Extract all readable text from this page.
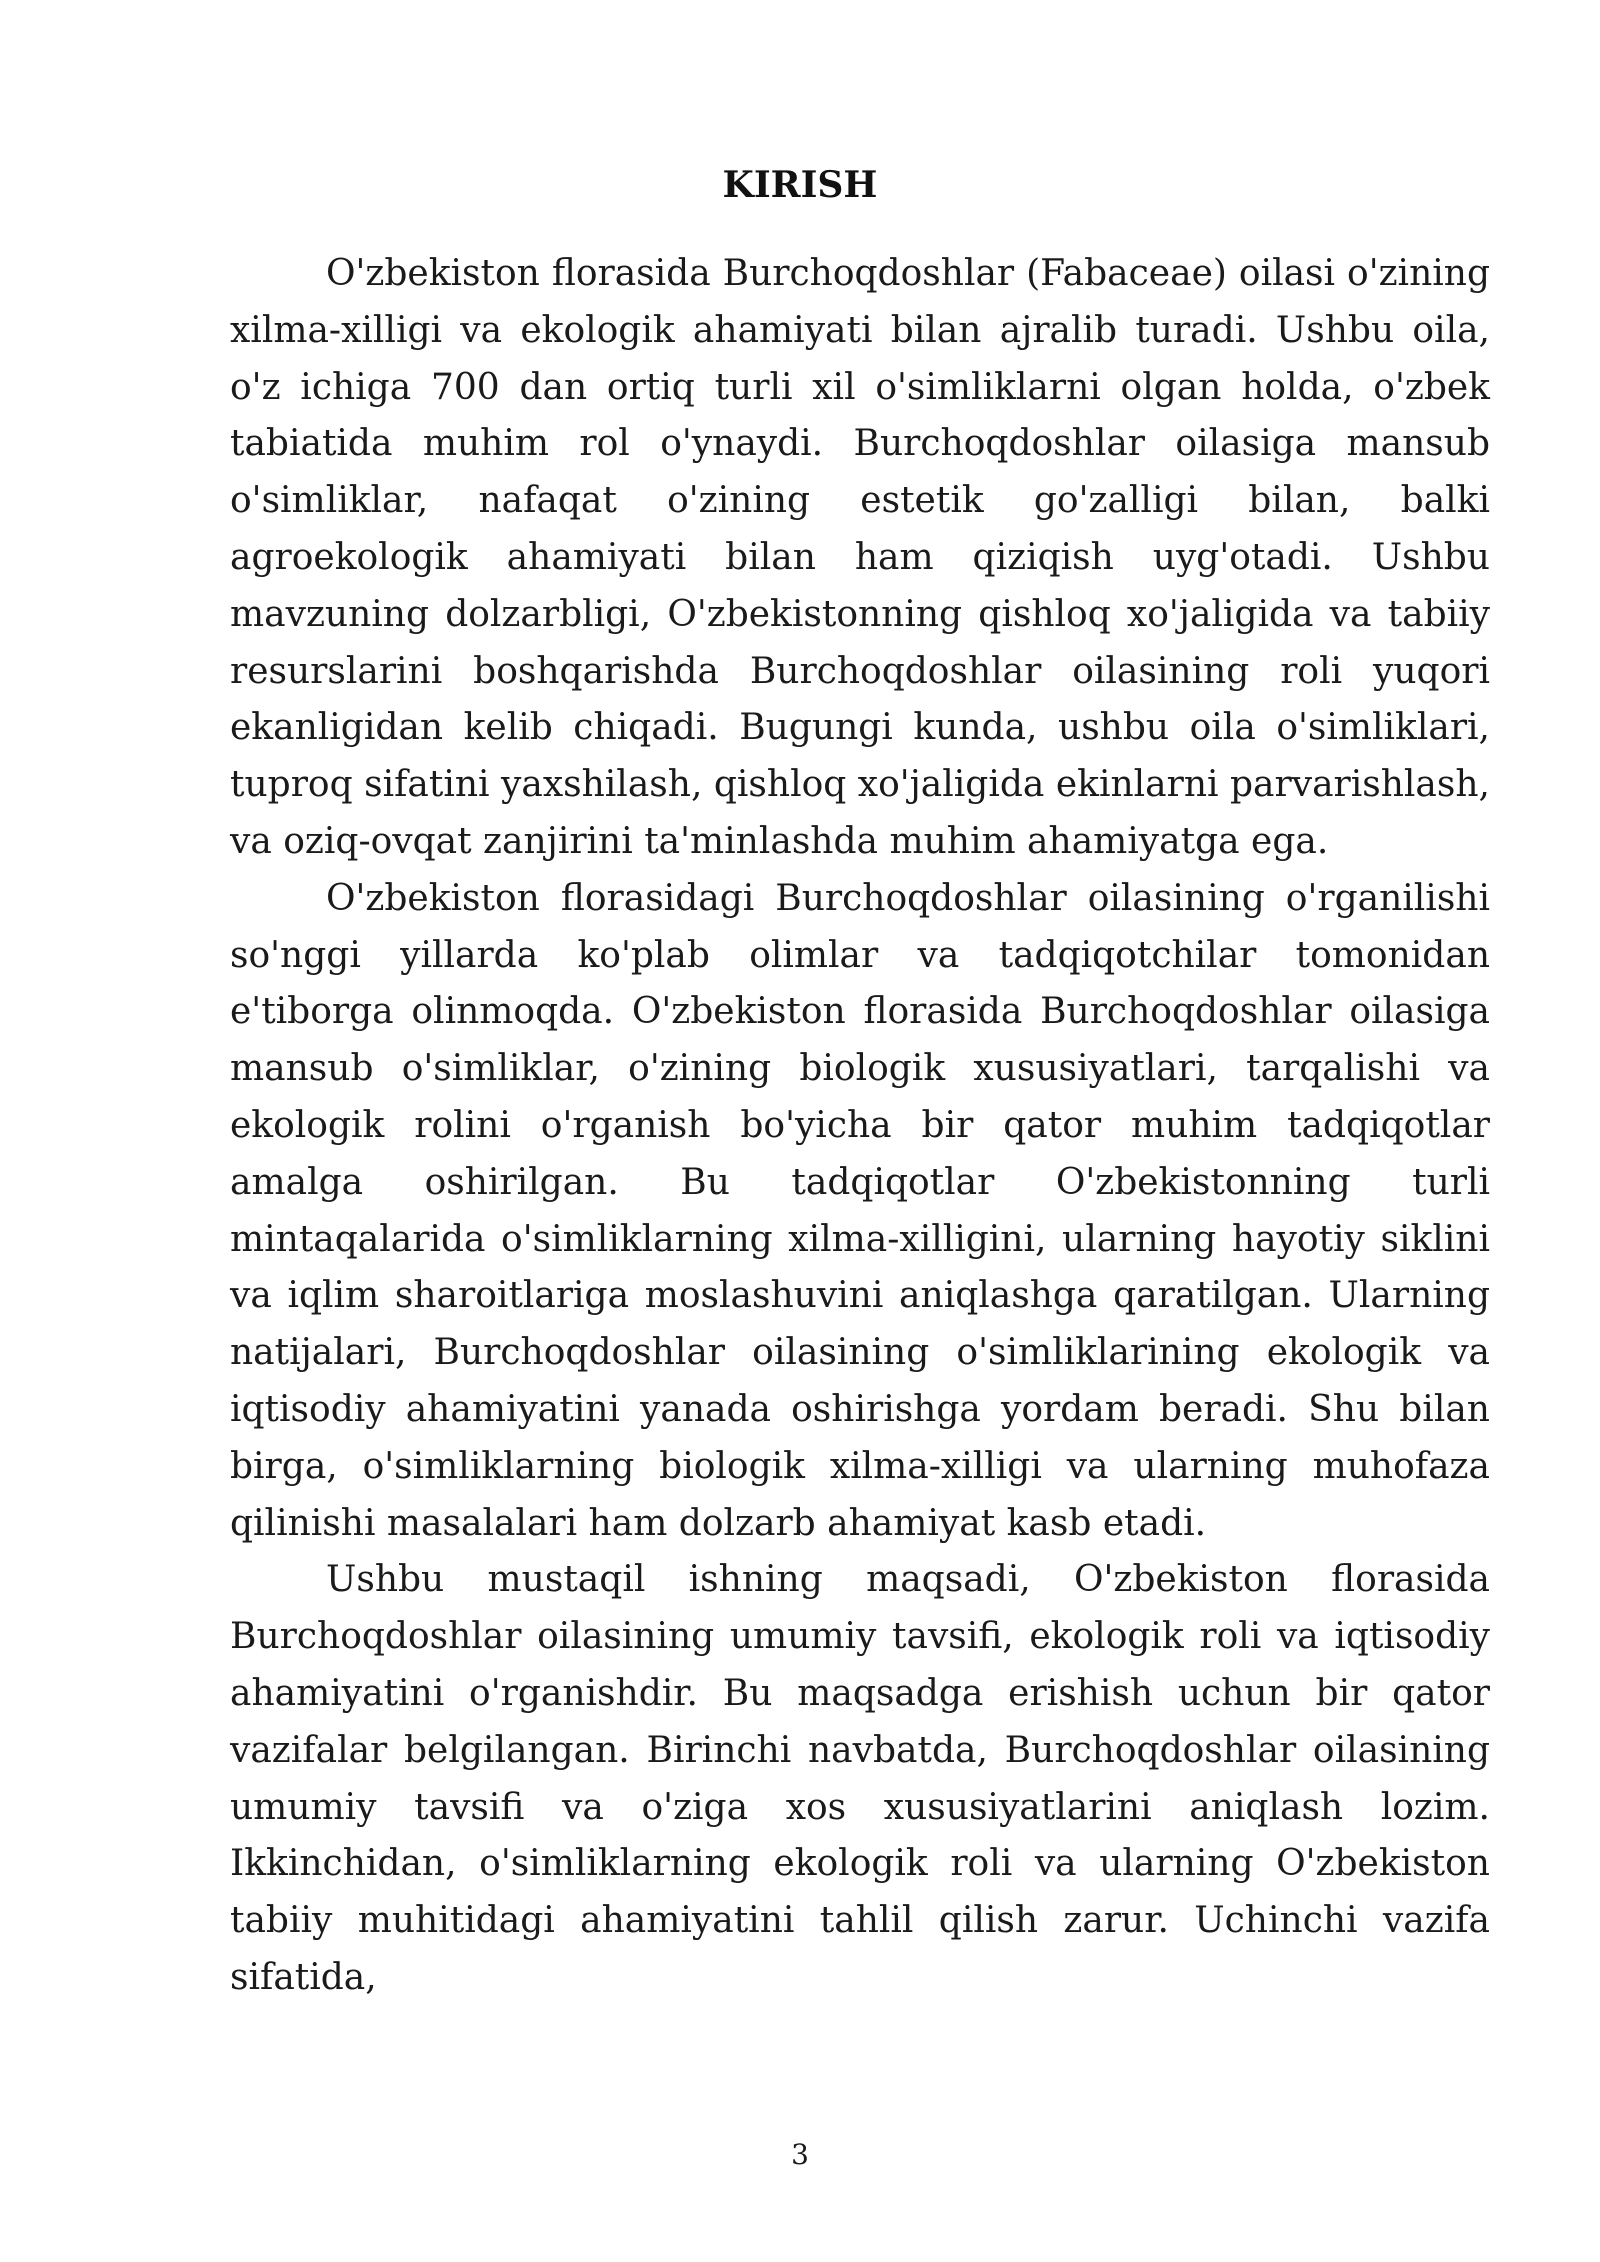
KIRISH

O'zbekiston florasida Burchoqdoshlar (Fabaceae) oilasi o'zining xilma-xilligi va ekologik ahamiyati bilan ajralib turadi. Ushbu oila, o'z ichiga 700 dan ortiq turli xil o'simliklarni olgan holda, o'zbek tabiatida muhim rol o'ynaydi. Burchoqdoshlar oilasiga mansub o'simliklar, nafaqat o'zining estetik go'zalligi bilan, balki agroekologik ahamiyati bilan ham qiziqish uyg'otadi. Ushbu mavzuning dolzarbligi, O'zbekistonning qishloq xo'jaligida va tabiiy resurslarini boshqarishda Burchoqdoshlar oilasining roli yuqori ekanligidan kelib chiqadi. Bugungi kunda, ushbu oila o'simliklari, tuproq sifatini yaxshilash, qishloq xo'jaligida ekinlarni parvarishlash, va oziq-ovqat zanjirini ta'minlashda muhim ahamiyatga ega.

O'zbekiston florasidagi Burchoqdoshlar oilasining o'rganilishi so'nggi yillarda ko'plab olimlar va tadqiqotchilar tomonidan e'tiborga olinmoqda. O'zbekiston florasida Burchoqdoshlar oilasiga mansub o'simliklar, o'zining biologik xususiyatlari, tarqalishi va ekologik rolini o'rganish bo'yicha bir qator muhim tadqiqotlar amalga oshirilgan. Bu tadqiqotlar O'zbekistonning turli mintaqalarida o'simliklarning xilma-xilligini, ularning hayotiy siklini va iqlim sharoitlariga moslashuvini aniqlashga qaratilgan. Ularning natijalari, Burchoqdoshlar oilasining o'simliklarining ekologik va iqtisodiy ahamiyatini yanada oshirishga yordam beradi. Shu bilan birga, o'simliklarning biologik xilma-xilligi va ularning muhofaza qilinishi masalalari ham dolzarb ahamiyat kasb etadi.

Ushbu mustaqil ishning maqsadi, O'zbekiston florasida Burchoqdoshlar oilasining umumiy tavsifi, ekologik roli va iqtisodiy ahamiyatini o'rganishdir. Bu maqsadga erishish uchun bir qator vazifalar belgilangan. Birinchi navbatda, Burchoqdoshlar oilasining umumiy tavsifi va o'ziga xos xususiyatlarini aniqlash lozim. Ikkinchidan, o'simliklarning ekologik roli va ularning O'zbekiston tabiiy muhitidagi ahamiyatini tahlil qilish zarur. Uchinchi vazifa sifatida,

3
